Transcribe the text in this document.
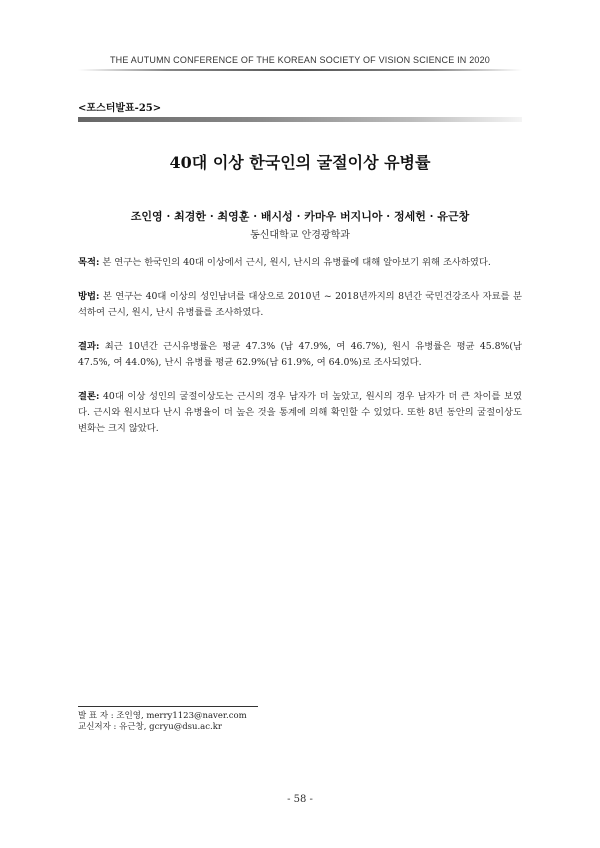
THE AUTUMN CONFERENCE OF THE KOREAN SOCIETY OF VISION SCIENCE IN 2020
<포스터발표-25>
40대 이상 한국인의 굴절이상 유병률
조인영 · 최경한 · 최영훈 · 배시성 · 카마우 버지니아 · 정세헌 · 유근창
동신대학교 안경광학과
목적: 본 연구는 한국인의 40대 이상에서 근시, 원시, 난시의 유병률에 대해 알아보기 위해 조사하였다.
방법: 본 연구는 40대 이상의 성인남녀를 대상으로 2010년 ~ 2018년까지의 8년간 국민건강조사 자료를 분석하여 근시, 원시, 난시 유병률를 조사하였다.
결과: 최근 10년간 근시유병률은 평균 47.3% (남 47.9%, 여 46.7%), 원시 유병률은 평균 45.8%(남 47.5%, 여 44.0%), 난시 유병률 평균 62.9%(남 61.9%, 여 64.0%)로 조사되었다.
결론: 40대 이상 성인의 굴절이상도는 근시의 경우 남자가 더 높았고, 원시의 경우 남자가 더 큰 차이를 보였다. 근시와 원시보다 난시 유병율이 더 높은 것을 통계에 의해 확인할 수 있었다. 또한 8년 동안의 굴절이상도 변화는 크지 않았다.
발 표 자 : 조인영, merry1123@naver.com
교신저자 : 유근창, gcryu@dsu.ac.kr
- 58 -
